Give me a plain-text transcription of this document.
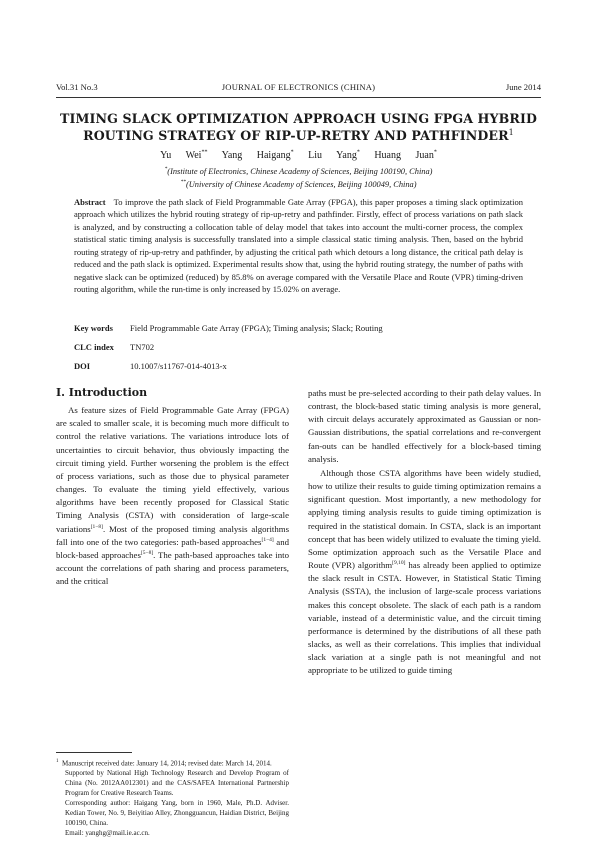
Vol.31 No.3	JOURNAL OF ELECTRONICS (CHINA)	June 2014
TIMING SLACK OPTIMIZATION APPROACH USING FPGA HYBRID
ROUTING STRATEGY OF RIP-UP-RETRY AND PATHFINDER$^1$
Yu Wei** Yang Haigang* Liu Yang* Huang Juan*
*(Institute of Electronics, Chinese Academy of Sciences, Beijing 100190, China)
**(University of Chinese Academy of Sciences, Beijing 100049, China)
Abstract To improve the path slack of Field Programmable Gate Array (FPGA), this paper proposes a timing slack optimization approach which utilizes the hybrid routing strategy of rip-up-retry and pathfinder. Firstly, effect of process variations on path slack is analyzed, and by constructing a collocation table of delay model that takes into account the multi-corner process, the complex statistical static timing analysis is successfully translated into a simple classical static timing analysis. Then, based on the hybrid routing strategy of rip-up-retry and pathfinder, by adjusting the critical path which detours a long distance, the critical path delay is reduced and the path slack is optimized. Experimental results show that, using the hybrid routing strategy, the number of paths with negative slack can be optimized (reduced) by 85.8% on average compared with the Versatile Place and Route (VPR) timing-driven routing algorithm, while the run-time is only increased by 15.02% on average.
Key words Field Programmable Gate Array (FPGA); Timing analysis; Slack; Routing
CLC index TN702
DOI	10.1007/s11767-014-4013-x
I. Introduction

As feature sizes of Field Programmable Gate Array (FPGA) are scaled to smaller scale, it is becoming much more difficult to control the relative variations. The variations introduce lots of uncertainties to circuit behavior, thus obviously impacting the circuit timing yield. Further worsening the problem is the effect of process variations, such as those due to physical parameter changes. To evaluate the timing yield effectively, various algorithms have been recently proposed for Classical Static Timing Analysis (CSTA) with consideration of large-scale variations[1−8]. Most of the proposed timing analysis algorithms fall into one of the two categories: path-based approaches[1−4] and block-based approaches[5−8]. The path-based approaches take into account the correlations of path sharing and process parameters, and the critical

$^1$ Manuscript received date: January 14, 2014; revised date: March 14, 2014.

Supported by National High Technology Research and Develop Program of China (No. 2012AA012301) and the CAS/SAFEA International Partnership Program for Creative Research Teams.

Corresponding author: Haigang Yang, born in 1960, Male, Ph.D. Adviser. Kedian Tower, No. 9, Beiyitiao Alley, Zhongguancun, Haidian District, Beijing 100190, China.

Email: yanghg@mail.ie.ac.cn.

paths must be pre-selected according to their path delay values. In contrast, the block-based static timing analysis is more general, with circuit delays accurately approximated as Gaussian or non-Gaussian distributions, the spatial correlations and re-convergent fan-outs can be handled effectively for a block-based timing analysis.

Although those CSTA algorithms have been widely studied, how to utilize their results to guide timing optimization remains a significant question. Most importantly, a new methodology for applying timing analysis results to guide timing optimization is required in the statistical domain. In CSTA, slack is an important concept that has been widely utilized to evaluate the timing yield. Some optimization approach such as the Versatile Place and Route (VPR) algorithm[9,10] has already been applied to optimize the slack result in CSTA. However, in Statistical Static Timing Analysis (SSTA), the inclusion of large-scale process variations makes this concept obsolete. The slack of each path is a random variable, instead of a deterministic value, and the circuit timing performance is determined by the distributions of all these path slacks, as well as their correlations. This implies that individual slack variation at a single path is not meaningful and not appropriate to be utilized to guide timing
